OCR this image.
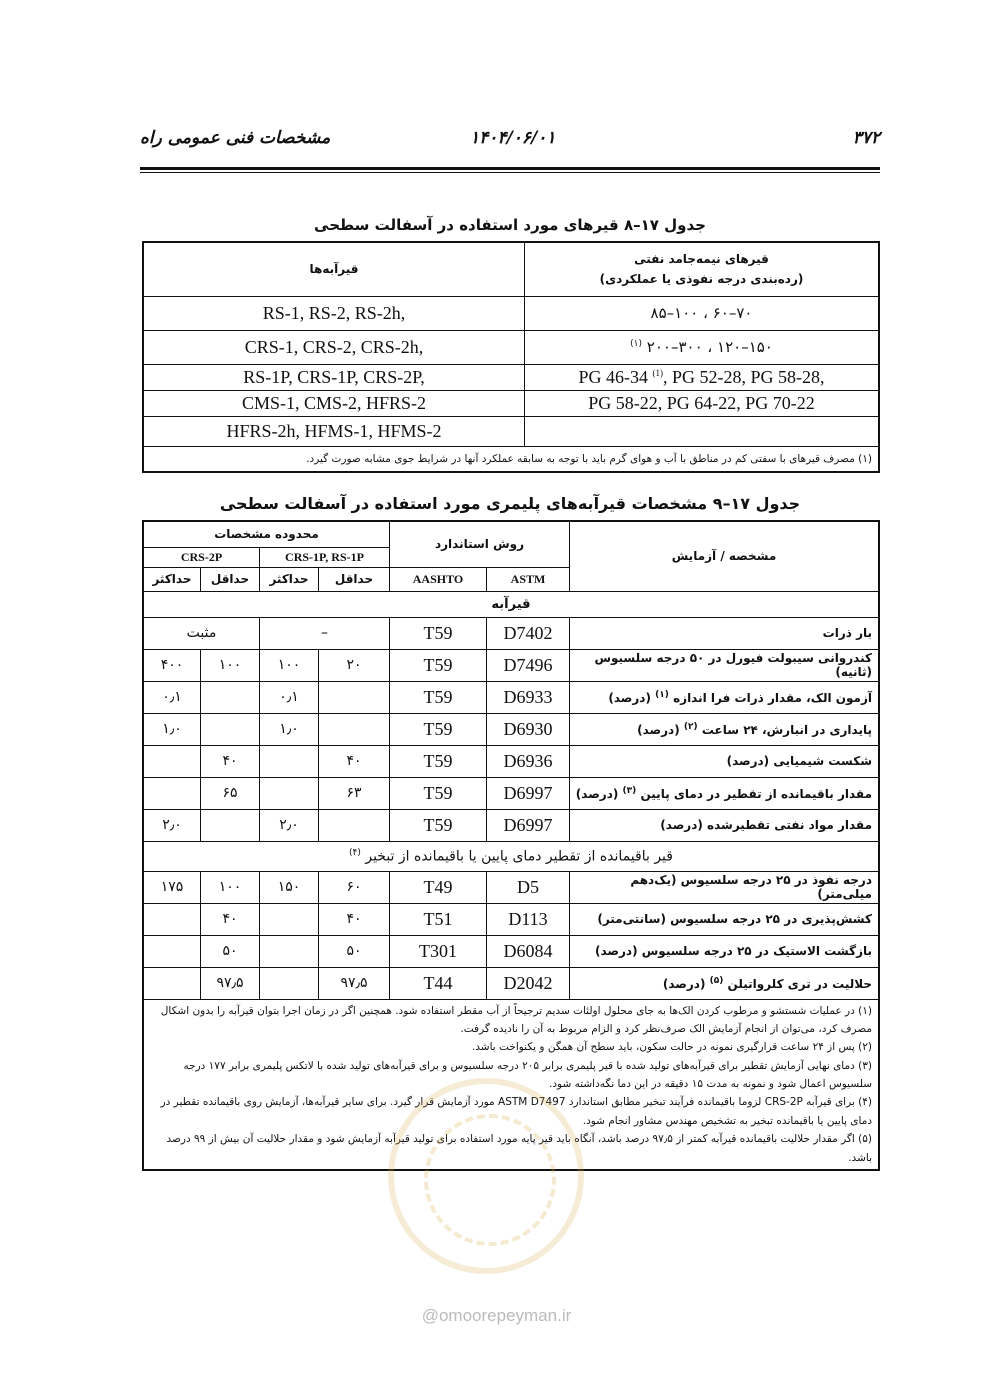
۳۷۲
۱۴۰۴/۰۶/۰۱
مشخصات فنی عمومی راه
جدول ۱۷–۸ قیرهای مورد استفاده در آسفالت سطحی
قیرهای نیمه‌جامد نفتی
(رده‌بندی درجه نفوذی یا عملکردی)	قیرآبه‌ها
۷۰–۶۰ ، ۱۰۰–۸۵	RS-1, RS-2, RS-2h,
۱۵۰–۱۲۰ ، ۳۰۰–۲۰۰ $^{(۱)}$	CRS-1, CRS-2, CRS-2h,
PG 46-34 $^{(1)}$, PG 52-28, PG 58-28,	RS-1P, CRS-1P, CRS-2P,
PG 58-22, PG 64-22, PG 70-22	CMS-1, CMS-2, HFRS-2
	HFRS-2h, HFMS-1, HFMS-2
(۱) مصرف قیرهای با سفتی کم در مناطق با آب و هوای گرم باید با توجه به سابقه عملکرد آنها در شرایط جوی مشابه صورت گیرد.	
جدول ۱۷–۹ مشخصات قیرآبه‌های پلیمری مورد استفاده در آسفالت سطحی
مشخصه / آزمایش	روش استاندارد		محدوده مشخصات			
			CRS-1P, RS-1P		CRS-2P	
	ASTM	AASHTO	حداقل	حداکثر	حداقل	حداکثر
قیرآبه						
بار ذرات	D7402	T59	–		مثبت	
کندروانی سیبولت فیورل در ۵۰ درجه سلسیوس (ثانیه)	D7496	T59	۲۰	۱۰۰	۱۰۰	۴۰۰
آزمون الک، مقدار ذرات فرا اندازه $^{(۱)}$ (درصد)	D6933	T59		۰٫۱		۰٫۱
پایداری در انبارش، ۲۴ ساعت $^{(۲)}$ (درصد)	D6930	T59		۱٫۰		۱٫۰
شکست شیمیایی (درصد)	D6936	T59	۴۰		۴۰	
مقدار باقیمانده از تقطیر در دمای پایین $^{(۳)}$ (درصد)	D6997	T59	۶۳		۶۵	
مقدار مواد نفتی تقطیرشده (درصد)	D6997	T59		۲٫۰		۲٫۰
قیر باقیمانده از تقطیر دمای پایین یا باقیمانده از تبخیر $^{(۴)}$
درجه نفوذ در ۲۵ درجه سلسیوس (یک‌دهم میلی‌متر)	D5	T49	۶۰	۱۵۰	۱۰۰	۱۷۵
کشش‌پذیری در ۲۵ درجه سلسیوس (سانتی‌متر)	D113	T51	۴۰		۴۰	
بازگشت الاستیک در ۲۵ درجه سلسیوس (درصد)	D6084	T301	۵۰		۵۰	
حلالیت در تری کلرواتیلن $^{(۵)}$ (درصد)	D2042	T44	۹۷٫۵		۹۷٫۵	

(۱) در عملیات شستشو و مرطوب کردن الک‌ها به جای محلول اولئات سدیم ترجیحاً از آب مقطر استفاده شود. همچنین اگر در زمان اجرا بتوان قیرآبه را بدون اشکال مصرف کرد، می‌توان از انجام آزمایش الک صرف‌نظر کرد و الزام مربوط به آن را نادیده گرفت.
(۲) پس از ۲۴ ساعت قرارگیری نمونه در حالت سکون، باید سطح آن همگن و یکنواخت باشد.
(۳) دمای نهایی آزمایش تقطیر برای قیرآبه‌های تولید شده با قیر پلیمری برابر ۲۰۵ درجه سلسیوس و برای قیرآبه‌های تولید شده با لاتکس پلیمری برابر ۱۷۷ درجه سلسیوس اعمال شود و نمونه به مدت ۱۵ دقیقه در این دما نگه‌داشته شود.
(۴) برای قیرآبه CRS-2P لزوما باقیمانده فرآیند تبخیر مطابق استاندارد ASTM D7497 مورد آزمایش قرار گیرد. برای سایر قیرآبه‌ها، آزمایش روی باقیمانده تقطیر در دمای پایین یا باقیمانده تبخیر به تشخیص مهندس مشاور انجام شود.
(۵) اگر مقدار حلالیت باقیمانده قیرآبه کمتر از ۹۷٫۵ درصد باشد، آنگاه باید قیر پایه مورد استفاده برای تولید قیرآبه آزمایش شود و مقدار حلالیت آن بیش از ۹۹ درصد باشد.						
@omoorepeyman.ir
